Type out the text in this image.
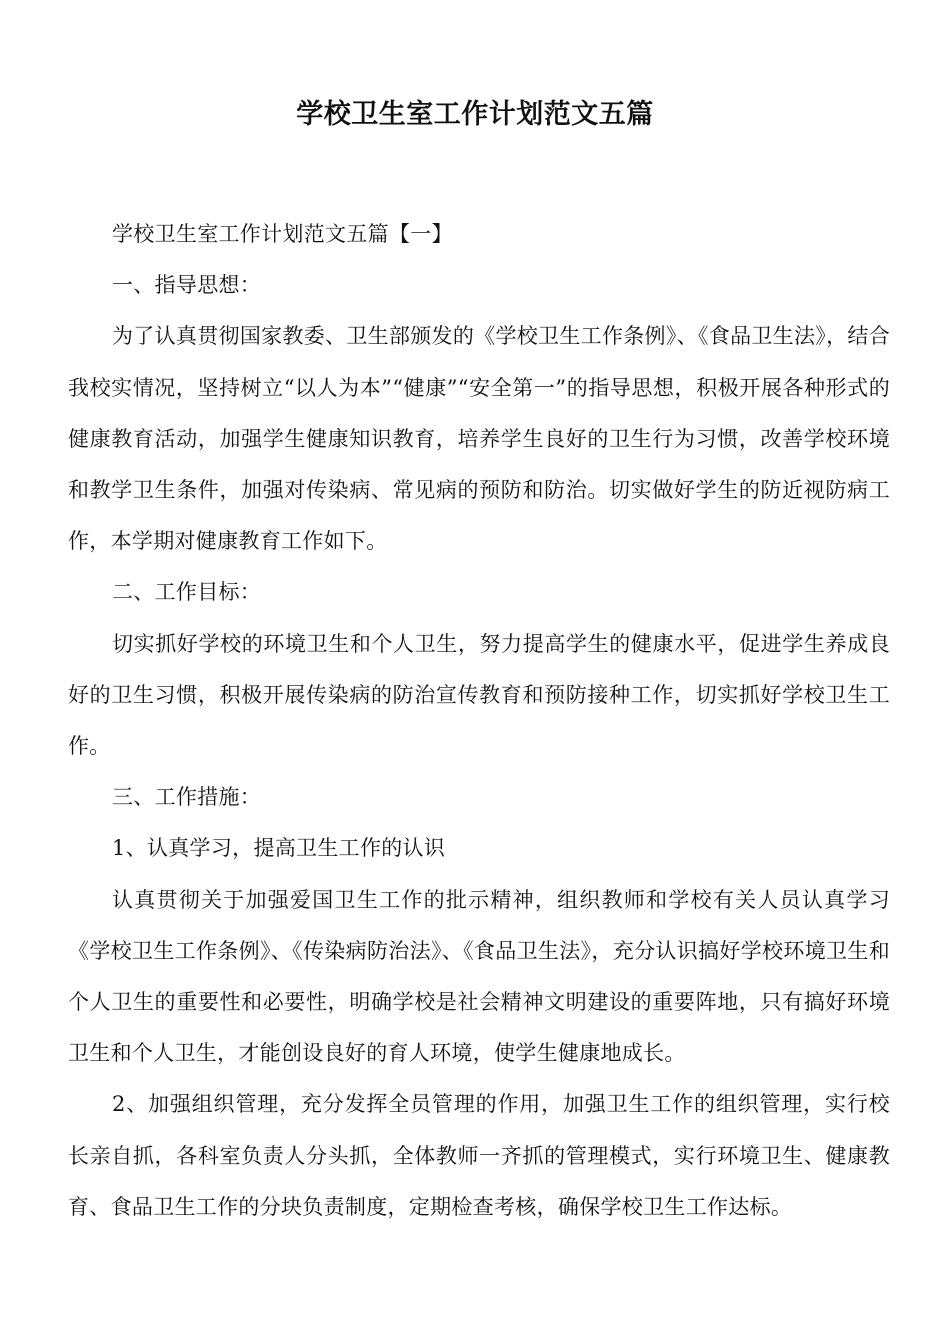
学校卫生室工作计划范文五篇

学校卫生室工作计划范文五篇【一】

一、指导思想：

为了认真贯彻国家教委、卫生部颁发的《学校卫生工作条例》、《食品卫生法》，结合我校实情况，坚持树立“以人为本”“健康”“安全第一”的指导思想，积极开展各种形式的健康教育活动，加强学生健康知识教育，培养学生良好的卫生行为习惯，改善学校环境和教学卫生条件，加强对传染病、常见病的预防和防治。切实做好学生的防近视防病工作，本学期对健康教育工作如下。

二、工作目标：

切实抓好学校的环境卫生和个人卫生，努力提高学生的健康水平，促进学生养成良好的卫生习惯，积极开展传染病的防治宣传教育和预防接种工作，切实抓好学校卫生工作。

三、工作措施：

1、认真学习，提高卫生工作的认识

认真贯彻关于加强爱国卫生工作的批示精神，组织教师和学校有关人员认真学习《学校卫生工作条例》、《传染病防治法》、《食品卫生法》，充分认识搞好学校环境卫生和个人卫生的重要性和必要性，明确学校是社会精神文明建设的重要阵地，只有搞好环境卫生和个人卫生，才能创设良好的育人环境，使学生健康地成长。

2、加强组织管理，充分发挥全员管理的作用，加强卫生工作的组织管理，实行校长亲自抓，各科室负责人分头抓，全体教师一齐抓的管理模式，实行环境卫生、健康教育、食品卫生工作的分块负责制度，定期检查考核，确保学校卫生工作达标。
